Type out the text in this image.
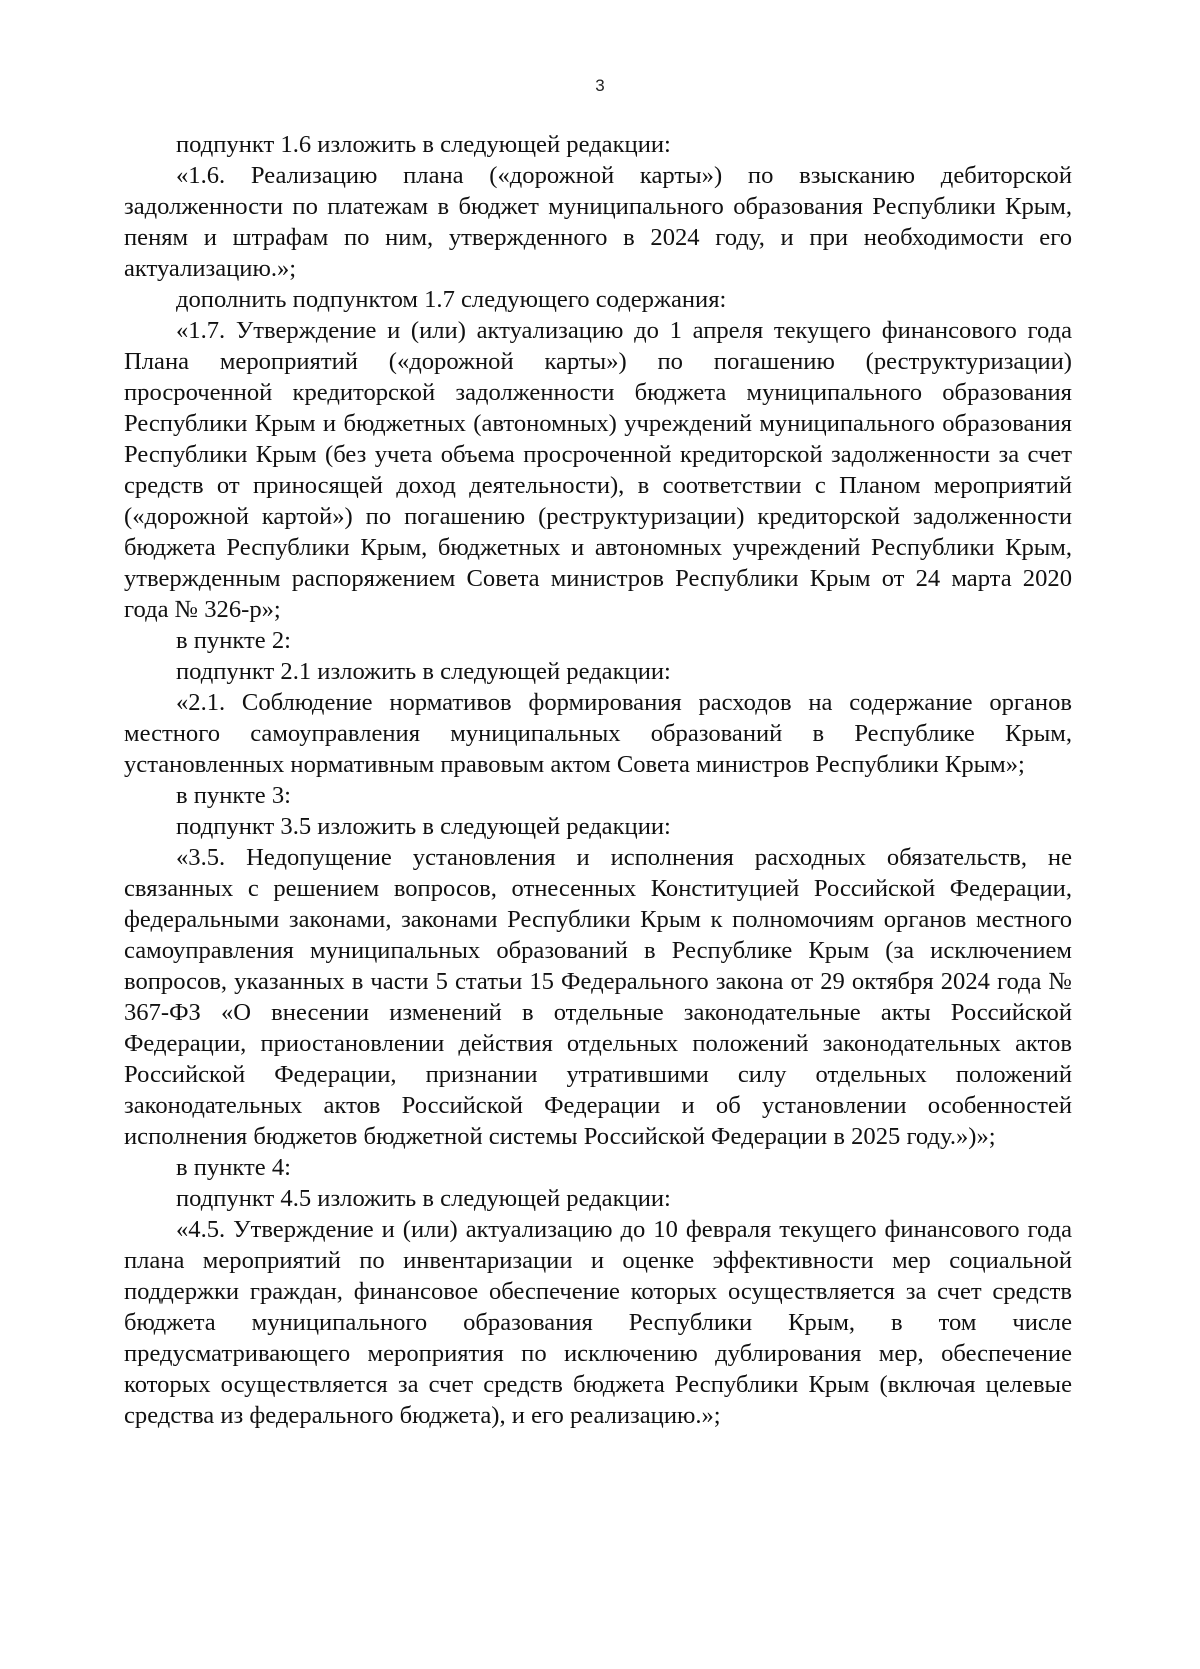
3

подпункт 1.6 изложить в следующей редакции:

«1.6. Реализацию плана («дорожной карты») по взысканию дебиторской задолженности по платежам в бюджет муниципального образования Республики Крым, пеням и штрафам по ним, утвержденного в 2024 году, и при необходимости его актуализацию.»;

дополнить подпунктом 1.7 следующего содержания:

«1.7. Утверждение и (или) актуализацию до 1 апреля текущего финансового года Плана мероприятий («дорожной карты») по погашению (реструктуризации) просроченной кредиторской задолженности бюджета муниципального образования Республики Крым и бюджетных (автономных) учреждений муниципального образования Республики Крым (без учета объема просроченной кредиторской задолженности за счет средств от приносящей доход деятельности), в соответствии с Планом мероприятий («дорожной картой») по погашению (реструктуризации) кредиторской задолженности бюджета Республики Крым, бюджетных и автономных учреждений Республики Крым, утвержденным распоряжением Совета министров Республики Крым от 24 марта 2020 года № 326-р»;

в пункте 2:

подпункт 2.1 изложить в следующей редакции:

«2.1. Соблюдение нормативов формирования расходов на содержание органов местного самоуправления муниципальных образований в Республике Крым, установленных нормативным правовым актом Совета министров Республики Крым»;

в пункте 3:

подпункт 3.5 изложить в следующей редакции:

«3.5. Недопущение установления и исполнения расходных обязательств, не связанных с решением вопросов, отнесенных Конституцией Российской Федерации, федеральными законами, законами Республики Крым к полномочиям органов местного самоуправления муниципальных образований в Республике Крым (за исключением вопросов, указанных в части 5 статьи 15 Федерального закона от 29 октября 2024 года № 367-ФЗ «О внесении изменений в отдельные законодательные акты Российской Федерации, приостановлении действия отдельных положений законодательных актов Российской Федерации, признании утратившими силу отдельных положений законодательных актов Российской Федерации и об установлении особенностей исполнения бюджетов бюджетной системы Российской Федерации в 2025 году.»)»;

в пункте 4:

подпункт 4.5 изложить в следующей редакции:

«4.5. Утверждение и (или) актуализацию до 10 февраля текущего финансового года плана мероприятий по инвентаризации и оценке эффективности мер социальной поддержки граждан, финансовое обеспечение которых осуществляется за счет средств бюджета муниципального образования Республики Крым, в том числе предусматривающего мероприятия по исключению дублирования мер, обеспечение которых осуществляется за счет средств бюджета Республики Крым (включая целевые средства из федерального бюджета), и его реализацию.»;
